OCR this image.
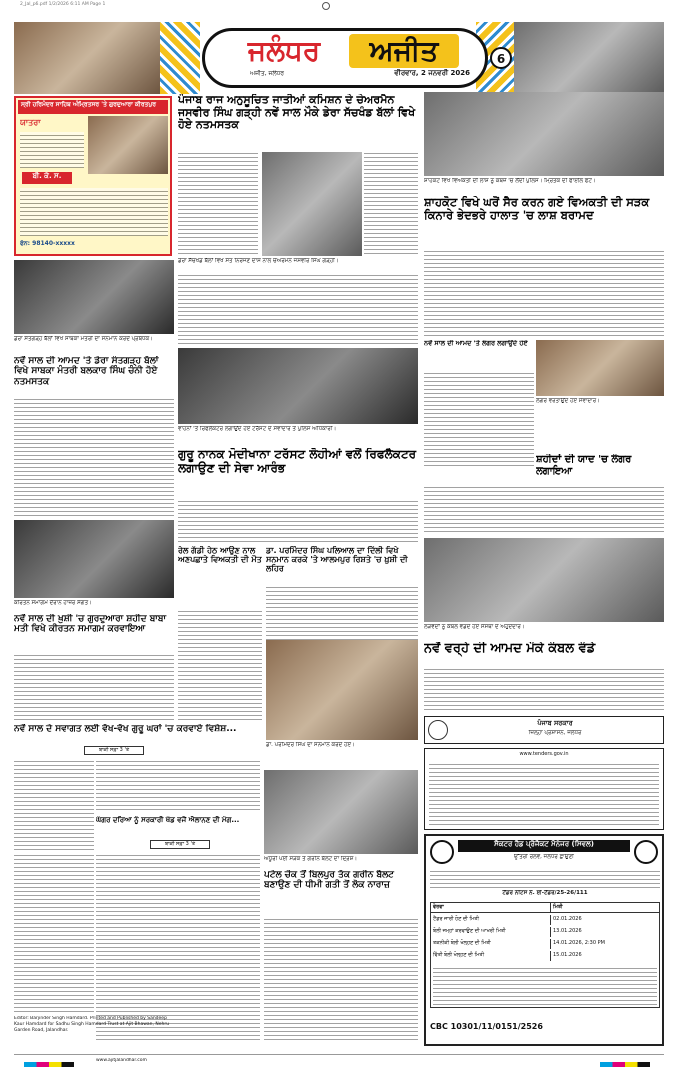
2_Jal_p6.pdf 1/2/2026 6:11 AM Page 1
ਜਲੰਧਰ	ਅਜੀਤ
ਅਜੀਤ, ਜਲੰਧਰ	ਵੀਰਵਾਰ, 2 ਜਨਵਰੀ 2026
6
ਸ੍ਰੀ ਹਰਿਮੰਦਰ ਸਾਹਿਬ ਅੰਮ੍ਰਿਤਸਰ 'ਤੇ ਗੁਰਦੁਆਰਾ ਕੀਰਤਪੁਰ
ਯਾਤਰਾ
ਬੀ. ਕੇ. ਸ.
ਫੋਨ: 98140-xxxxx
ਡੇਰਾ ਸੰਤਗੜ੍ਹ ਬੱਲਾਂ ਵਿਖੇ ਸਾਬਕਾ ਮੰਤਰੀ ਦਾ ਸਨਮਾਨ ਕਰਦੇ ਪ੍ਰਬੰਧਕ।
ਪੰਜਾਬ ਰਾਜ ਅਨੁਸੂਚਿਤ ਜਾਤੀਆਂ ਕਮਿਸ਼ਨ ਦੇ ਚੇਅਰਮੈਨ ਜਸਵੀਰ ਸਿੰਘ ਗੜ੍ਹੀ ਨਵੇਂ ਸਾਲ ਮੌਕੇ ਡੇਰਾ ਸੱਚਖੰਡ ਬੱਲਾਂ ਵਿਖੇ ਹੋਏ ਨਤਮਸਤਕ
ਡੇਰਾ ਸੱਚਖੰਡ ਬੱਲਾਂ ਵਿਖੇ ਸੰਤ ਨਿਰੰਜਣ ਦਾਸ ਨਾਲ ਚੇਅਰਮੈਨ ਜਸਵੀਰ ਸਿੰਘ ਗੜ੍ਹੀ।
ਸ਼ਾਹਕੋਟ ਵਿਖੇ ਵਿਅਕਤੀ ਦੀ ਲਾਸ਼ ਨੂੰ ਕਬਜ਼ੇ 'ਚ ਲੈਂਦੀ ਪੁਲਿਸ। ਮ੍ਰਿਤਕ ਦੀ ਫਾਈਲ ਫੋਟੋ।
ਸ਼ਾਹਕੋਟ ਵਿਖੇ ਘਰੋਂ ਸੈਰ ਕਰਨ ਗਏ ਵਿਅਕਤੀ ਦੀ ਸੜਕ ਕਿਨਾਰੇ ਭੇਦਭਰੇ ਹਾਲਾਤ 'ਚ ਲਾਸ਼ ਬਰਾਮਦ
ਨਵੇਂ ਸਾਲ ਦੀ ਆਮਦ 'ਤੇ ਡੇਰਾ ਸੰਤਗੜ੍ਹ ਬੱਲਾਂ ਵਿਖੇ ਸਾਬਕਾ ਮੰਤਰੀ ਬਲਕਾਰ ਸਿੰਘ ਚੰਨੀ ਹੋਏ ਨਤਮਸਤਕ
ਵਾਹਨਾਂ 'ਤੇ ਰਿਫਲੈਕਟਰ ਲਗਾਉਂਦੇ ਹੋਏ ਟਰੱਸਟ ਦੇ ਸੇਵਾਦਾਰ ਤੇ ਪੁਲਿਸ ਅਧਿਕਾਰੀ।
ਗੁਰੂ ਨਾਨਕ ਮੋਦੀਖਾਨਾ ਟਰੱਸਟ ਲੋਹੀਆਂ ਵਲੋਂ ਰਿਫਲੈਕਟਰ ਲਗਾਉਣ ਦੀ ਸੇਵਾ ਆਰੰਭ
ਨਵੇਂ ਸਾਲ ਦੀ ਆਮਦ 'ਤੇ ਲੰਗਰ ਲਗਾਉਂਦੇ ਹੋਏ
ਲੰਗਰ ਵਰਤਾਉਂਦੇ ਹੋਏ ਸੇਵਾਦਾਰ।
ਸ਼ਹੀਦਾਂ ਦੀ ਯਾਦ 'ਚ ਲੰਗਰ ਲਗਾਇਆ
ਕੀਰਤਨ ਸਮਾਗਮ ਦੌਰਾਨ ਹਾਜ਼ਰ ਸੰਗਤ।
ਨਵੇਂ ਸਾਲ ਦੀ ਖ਼ੁਸ਼ੀ 'ਚ ਗੁਰਦੁਆਰਾ ਸ਼ਹੀਦ ਬਾਬਾ ਮਤੀ ਵਿਖੇ ਕੀਰਤਨ ਸਮਾਗਮ ਕਰਵਾਇਆ
ਰੇਲ ਗੱਡੀ ਹੇਠ ਆਉਣ ਨਾਲ ਅਣਪਛਾਤੇ ਵਿਅਕਤੀ ਦੀ ਮੌਤ
ਡਾ. ਪਰਮਿੰਦਰ ਸਿੰਘ ਪਲਿਆਲ ਦਾ ਦਿੱਲੀ ਵਿਖੇ ਸਨਮਾਨ ਕਰਕੇ 'ਤੇ ਆਲਮਪੁਰ ਰਿਸ਼ਤੇ 'ਚ ਖ਼ੁਸ਼ੀ ਦੀ ਲਹਿਰ
ਡਾ. ਪਰਮਿੰਦਰ ਸਿੰਘ ਦਾ ਸਨਮਾਨ ਕਰਦੇ ਹੋਏ।
ਲੋੜਵੰਦਾਂ ਨੂੰ ਕੰਬਲ ਵੰਡਦੇ ਹੋਏ ਸੰਸਥਾ ਦੇ ਅਹੁਦੇਦਾਰ।
ਨਵੇਂ ਵਰ੍ਹੇ ਦੀ ਆਮਦ ਮੌਕੇ ਕੰਬਲ ਵੰਡੇ
ਨਵੇਂ ਸਾਲ ਦੇ ਸਵਾਗਤ ਲਈ ਵੱਖ-ਵੱਖ ਗੁਰੂ ਘਰਾਂ 'ਚ ਕਰਵਾਏ ਵਿਸ਼ੇਸ਼...
ਬਾਕੀ ਸਫ਼ਾ 3 'ਤੇ
ਘੱਗਰ ਦਰਿਆ ਨੂੰ ਸਰਕਾਰੀ ਖੱਡ ਵਜੋਂ ਐਲਾਨਣ ਦੀ ਮੰਗ...
ਬਾਕੀ ਸਫ਼ਾ 3 'ਤੇ
ਅਧੂਰੀ ਪਈ ਸੜਕ ਤੇ ਗਰੀਨ ਬੈਲਟ ਦਾ ਦ੍ਰਿਸ਼।
ਪਟੇਲ ਚੌਕ ਤੋਂ ਬਿਲਪੁਰ ਤੱਕ ਗਰੀਨ ਬੈਲਟ ਬਣਾਉਣ ਦੀ ਧੀਮੀ ਗਤੀ ਤੋਂ ਲੋਕ ਨਾਰਾਜ਼
ਪੰਜਾਬ ਸਰਕਾਰ
ਜ਼ਿਲ੍ਹਾ ਪ੍ਰਸ਼ਾਸਨ, ਜਲੰਧਰ
www.tenders.gov.in
ਸੈਕਟਰ ਹੈਡ ਪ੍ਰੋਜੈਕਟ ਮੈਨੇਜਰ (ਸਿਵਲ)
ਉੱਤਰੀ ਰੇਲਵੇ, ਜਲੰਧਰ ਛਾਉਣੀ
ਟੈਂਡਰ ਨੋਟਿਸ ਨੰ. ਈ-ਟੈਂਡਰ/25-26/111
ਵੇਰਵਾ	ਮਿਤੀ
ਟੈਂਡਰ ਜਾਰੀ ਹੋਣ ਦੀ ਮਿਤੀ	02.01.2026
ਬੋਲੀ ਜਮ੍ਹਾਂ ਕਰਵਾਉਣ ਦੀ ਆਖਰੀ ਮਿਤੀ	13.01.2026
ਤਕਨੀਕੀ ਬੋਲੀ ਖੋਲ੍ਹਣ ਦੀ ਮਿਤੀ	14.01.2026, 2:30 PM
ਵਿੱਤੀ ਬੋਲੀ ਖੋਲ੍ਹਣ ਦੀ ਮਿਤੀ	15.01.2026
CBC 10301/11/0151/2526
Editor: Barjinder Singh Hamdard. Printed and Published by Sandeep Kaur Hamdard for Sadhu Singh Hamdard Trust at Ajit Bhawan, Nehru Garden Road, Jalandhar.
www.ajitjalandhar.com
